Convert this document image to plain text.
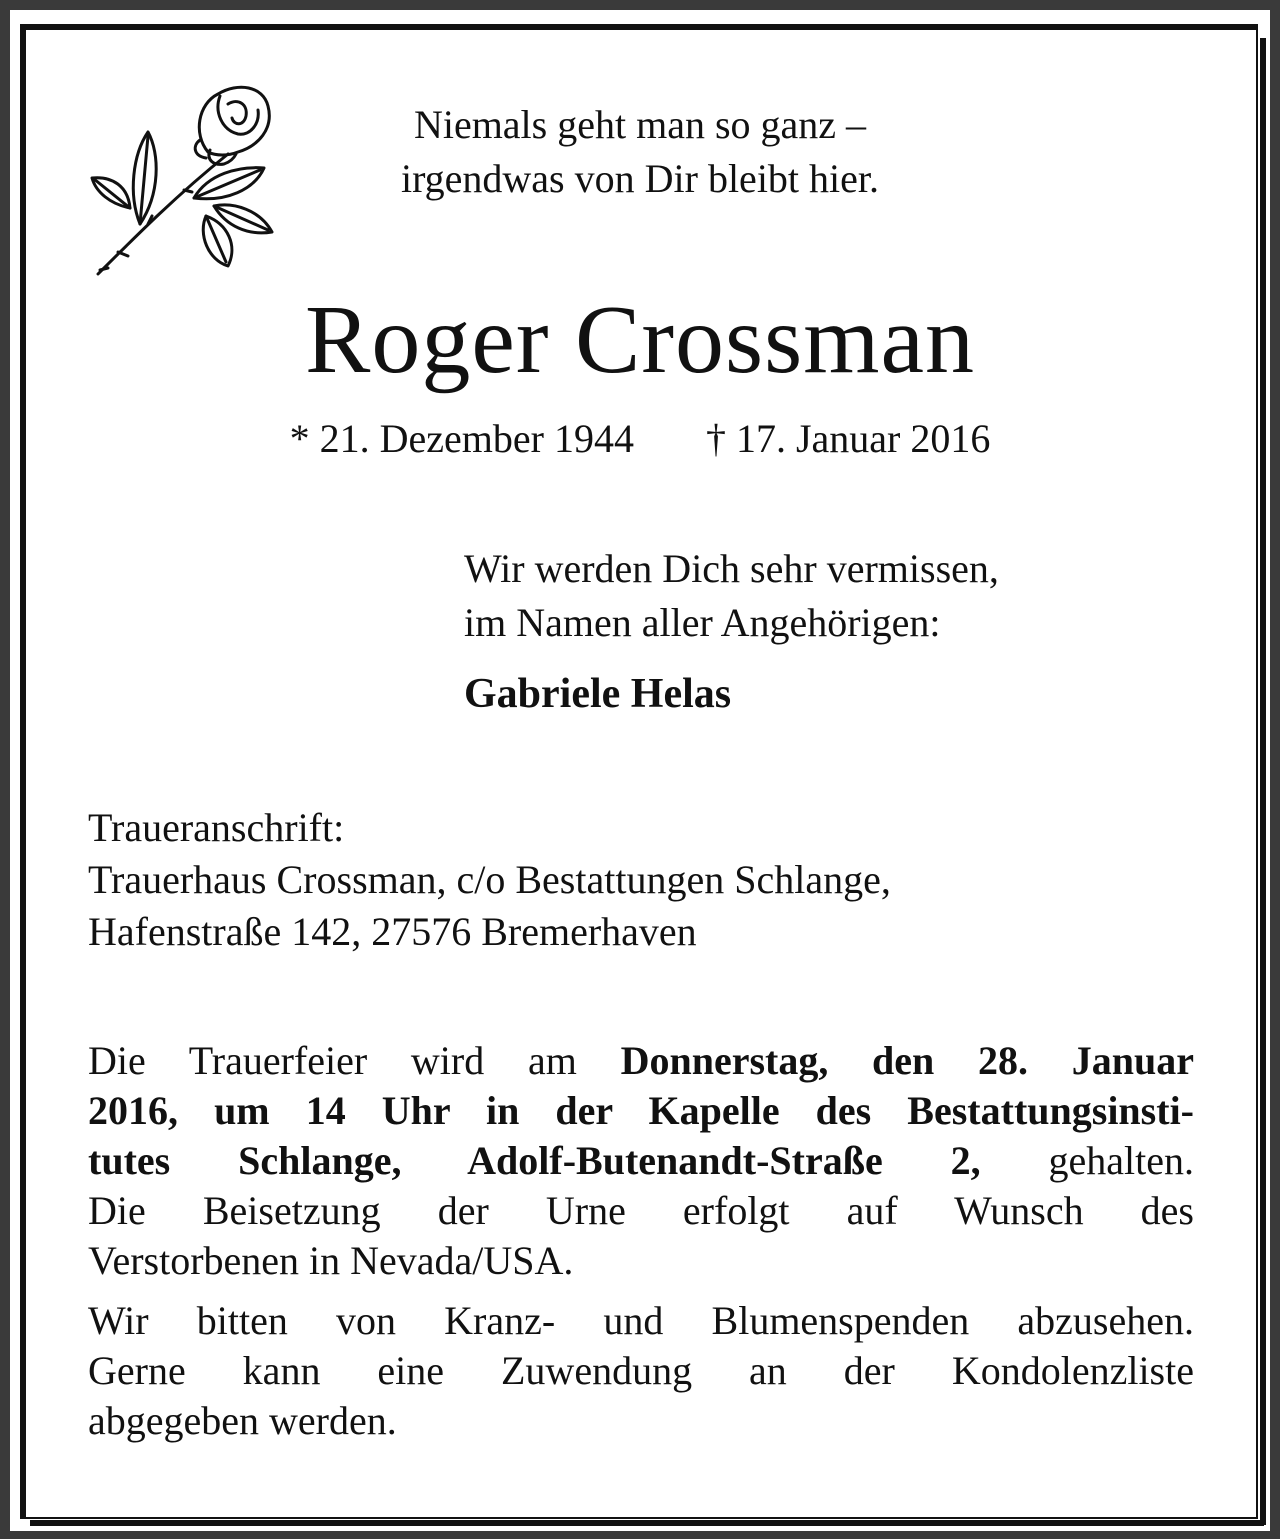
Niemals geht man so ganz –
irgendwas von Dir bleibt hier.
Roger Crossman
* 21. Dezember 1944 † 17. Januar 2016
Wir werden Dich sehr vermissen,
im Namen aller Angehörigen:
Gabriele Helas
Traueranschrift:
Trauerhaus Crossman, c/o Bestattungen Schlange,
Hafenstraße 142, 27576 Bremerhaven

Die Trauerfeier wird am Donnerstag, den 28. Januar
2016, um 14 Uhr in der Kapelle des Bestattungsinsti-
tutes Schlange, Adolf-Butenandt-Straße 2, gehalten.
Die Beisetzung der Urne erfolgt auf Wunsch des
Verstorbenen in Nevada/USA.

Wir bitten von Kranz- und Blumenspenden abzusehen.
Gerne kann eine Zuwendung an der Kondolenzliste
abgegeben werden.
